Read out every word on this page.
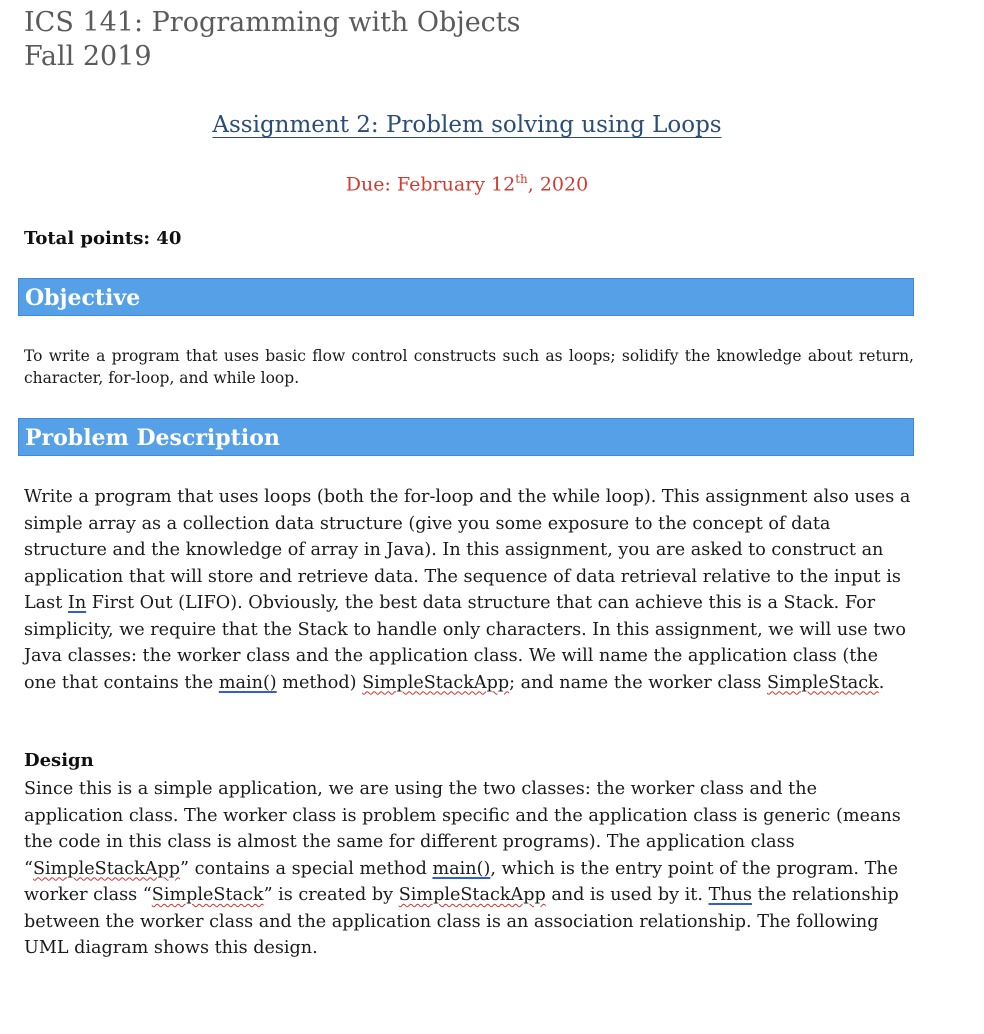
ICS 141: Programming with Objects
Fall 2019
Assignment 2: Problem solving using Loops
Due: February 12th, 2020
Total points: 40
Objective
To write a program that uses basic flow control constructs such as loops; solidify the knowledge about return, character, for-loop, and while loop.
Problem Description
Write a program that uses loops (both the for-loop and the while loop). This assignment also uses a simple array as a collection data structure (give you some exposure to the concept of data structure and the knowledge of array in Java). In this assignment, you are asked to construct an application that will store and retrieve data. The sequence of data retrieval relative to the input is Last In First Out (LIFO). Obviously, the best data structure that can achieve this is a Stack. For simplicity, we require that the Stack to handle only characters. In this assignment, we will use two Java classes: the worker class and the application class. We will name the application class (the one that contains the main() method) SimpleStackApp; and name the worker class SimpleStack.
Design
Since this is a simple application, we are using the two classes: the worker class and the application class. The worker class is problem specific and the application class is generic (means the code in this class is almost the same for different programs). The application class “SimpleStackApp” contains a special method main(), which is the entry point of the program. The worker class “SimpleStack” is created by SimpleStackApp and is used by it. Thus the relationship between the worker class and the application class is an association relationship. The following UML diagram shows this design.
